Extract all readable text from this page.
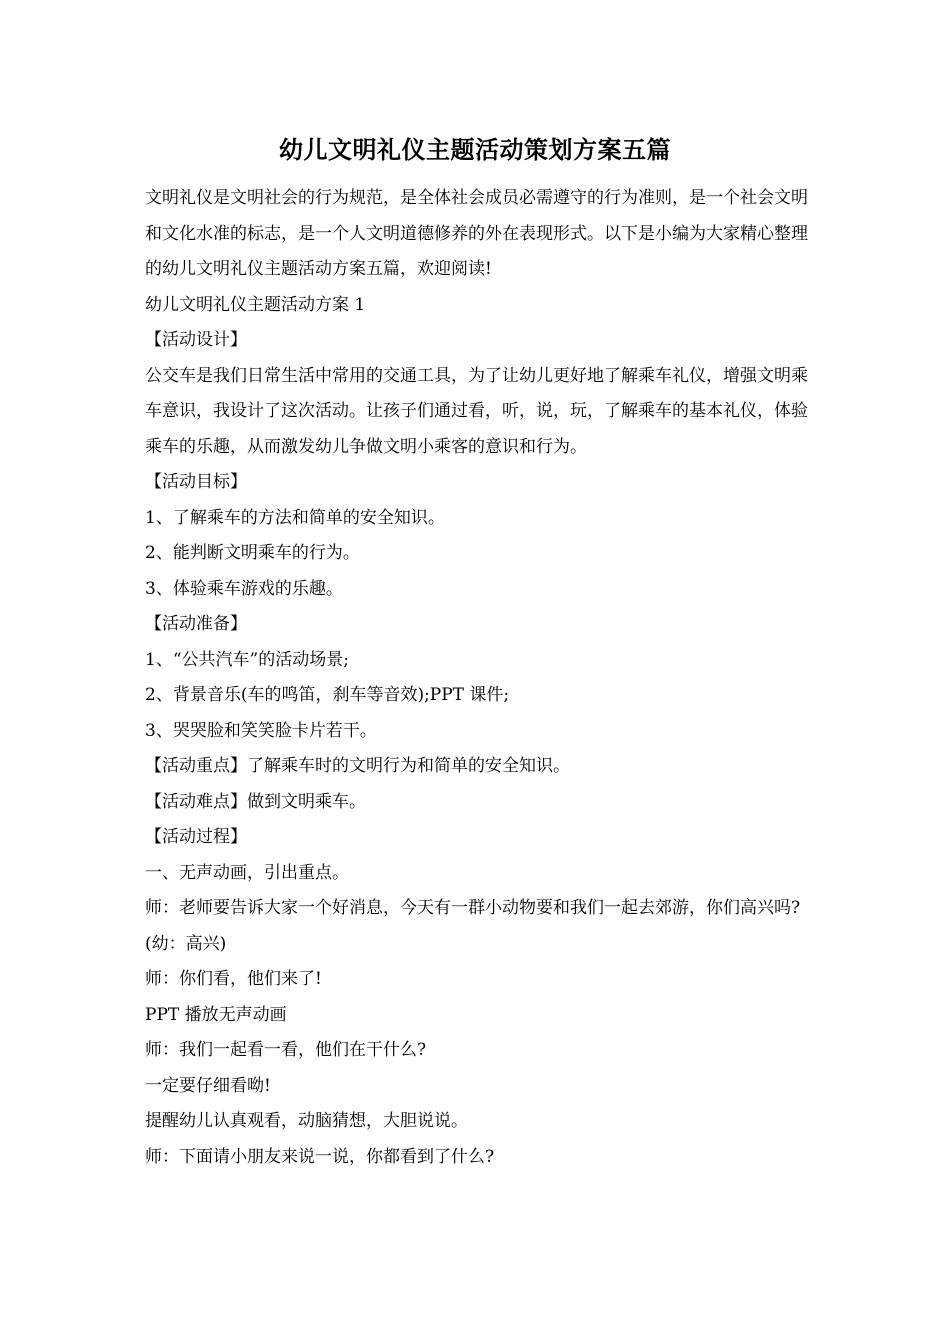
幼儿文明礼仪主题活动策划方案五篇

文明礼仪是文明社会的行为规范，是全体社会成员必需遵守的行为准则，是一个社会文明和文化水准的标志，是一个人文明道德修养的外在表现形式。以下是小编为大家精心整理的幼儿文明礼仪主题活动方案五篇，欢迎阅读!

幼儿文明礼仪主题活动方案 1

【活动设计】

公交车是我们日常生活中常用的交通工具，为了让幼儿更好地了解乘车礼仪，增强文明乘车意识，我设计了这次活动。让孩子们通过看，听，说，玩，了解乘车的基本礼仪，体验乘车的乐趣，从而激发幼儿争做文明小乘客的意识和行为。

【活动目标】

1、了解乘车的方法和简单的安全知识。

2、能判断文明乘车的行为。

3、体验乘车游戏的乐趣。

【活动准备】

1、“公共汽车”的活动场景;

2、背景音乐(车的鸣笛，刹车等音效);PPT 课件;

3、哭哭脸和笑笑脸卡片若干。

【活动重点】了解乘车时的文明行为和简单的安全知识。

【活动难点】做到文明乘车。

【活动过程】

一、无声动画，引出重点。

师：老师要告诉大家一个好消息，今天有一群小动物要和我们一起去郊游，你们高兴吗?(幼：高兴)

师：你们看，他们来了!

PPT 播放无声动画

师：我们一起看一看，他们在干什么?

一定要仔细看呦!

提醒幼儿认真观看，动脑猜想，大胆说说。

师：下面请小朋友来说一说，你都看到了什么?
